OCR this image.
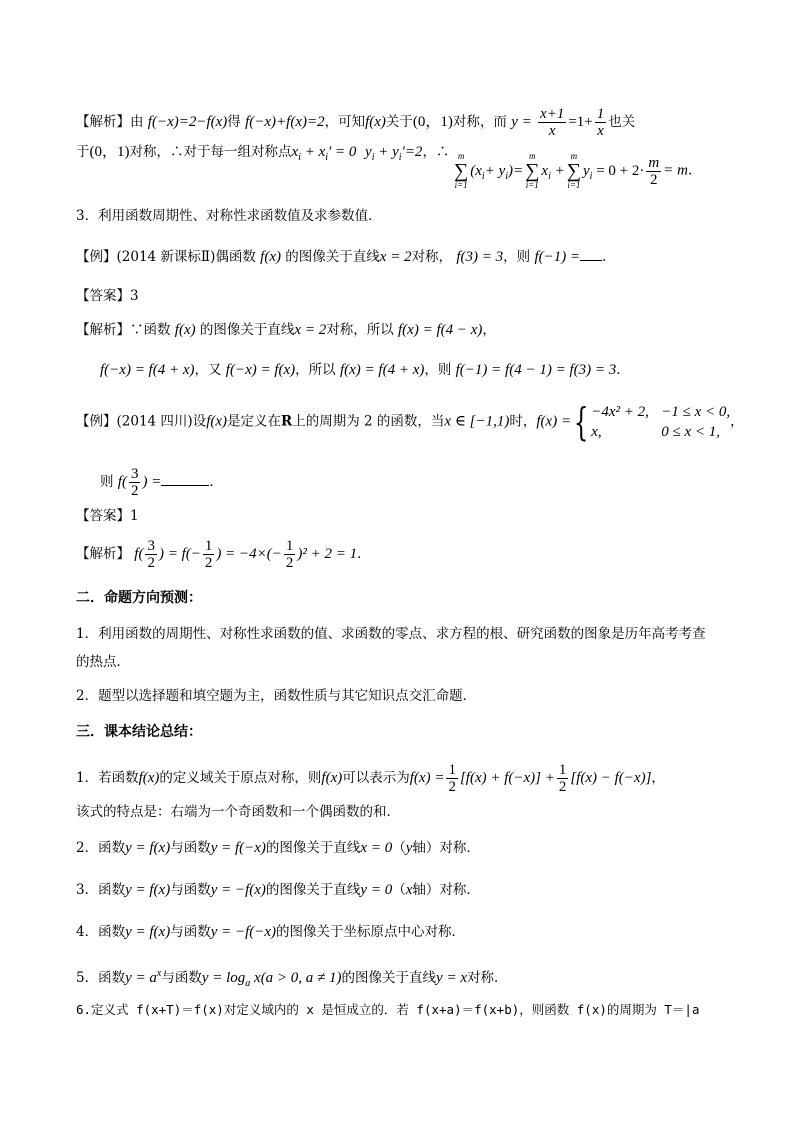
【解析】由 f(−x)=2−f(x)得 f(−x)+f(x)=2，可知f(x)关于(0，1)对称，而 $y = \frac{x+1}{x} =1+ \frac{1}{x}$ 也关
于(0，1)对称，∴对于每一组对称点$x_i + x_i' = 0$ $y_i + y_i'=2$，∴ m
∑
i=1
$(x_i+ y_i)=$
m
∑
i=1
$x_i$ +
m
∑
i=1
$y_i = 0 + 2\cdot \frac{m}{2} = m$.
3．利用函数周期性、对称性求函数值及求参数值．
【例】(2014 新课标Ⅱ)偶函数 f(x) 的图像关于直线x = 2对称， f(3) = 3，则 f(−1) = ．
【答案】3
【解析】∵函数 f(x) 的图像关于直线x = 2对称，所以 f(x) = f(4 − x)，
f(−x) = f(4 + x)，又 f(−x) = f(x)，所以 f(x) = f(4 + x)，则 f(−1) = f(4 − 1) = f(3) = 3．
【例】(2014 四川)设f(x)是定义在R上的周期为 2 的函数，当x ∈ [−1,1)时，f(x) ={ −4x² + 2, −1 ≤ x < 0,
x,	0 ≤ x < 1,，
则 $f( \frac{3}{2}$ ) =	．
【答案】1
【解析】 $f( \frac{3}{2}$ ) = $f(- \frac{1}{2}$ ) = $-4\times(- \frac{1}{2} )^2 + 2 = 1$．
二．命题方向预测：
1．利用函数的周期性、对称性求函数的值、求函数的零点、求方程的根、研究函数的图象是历年高考考查
的热点．
2．题型以选择题和填空题为主，函数性质与其它知识点交汇命题．
三．课本结论总结：
1．若函数f(x)的定义域关于原点对称，则f(x)可以表示为$f(x) = \frac{1}{2} [f(x) + f(-x)] + \frac{1}{2} [f(x) - f(-x)]$，
该式的特点是：右端为一个奇函数和一个偶函数的和．
2．函数y = f(x)与函数y = f(−x)的图像关于直线x = 0（y轴）对称．
3．函数y = f(x)与函数y = −f(x)的图像关于直线y = 0（x轴）对称．
4．函数y = f(x)与函数y = −f(−x)的图像关于坐标原点中心对称．
5．函数$y = a^x$与函数$y = \log_a x(a > 0$, a ≠ 1)的图像关于直线y = x对称．
6.定义式 f(x+T)＝f(x)对定义域内的 x 是恒成立的．若 f(x+a)＝f(x+b)，则函数 f(x)的周期为 T＝|a
